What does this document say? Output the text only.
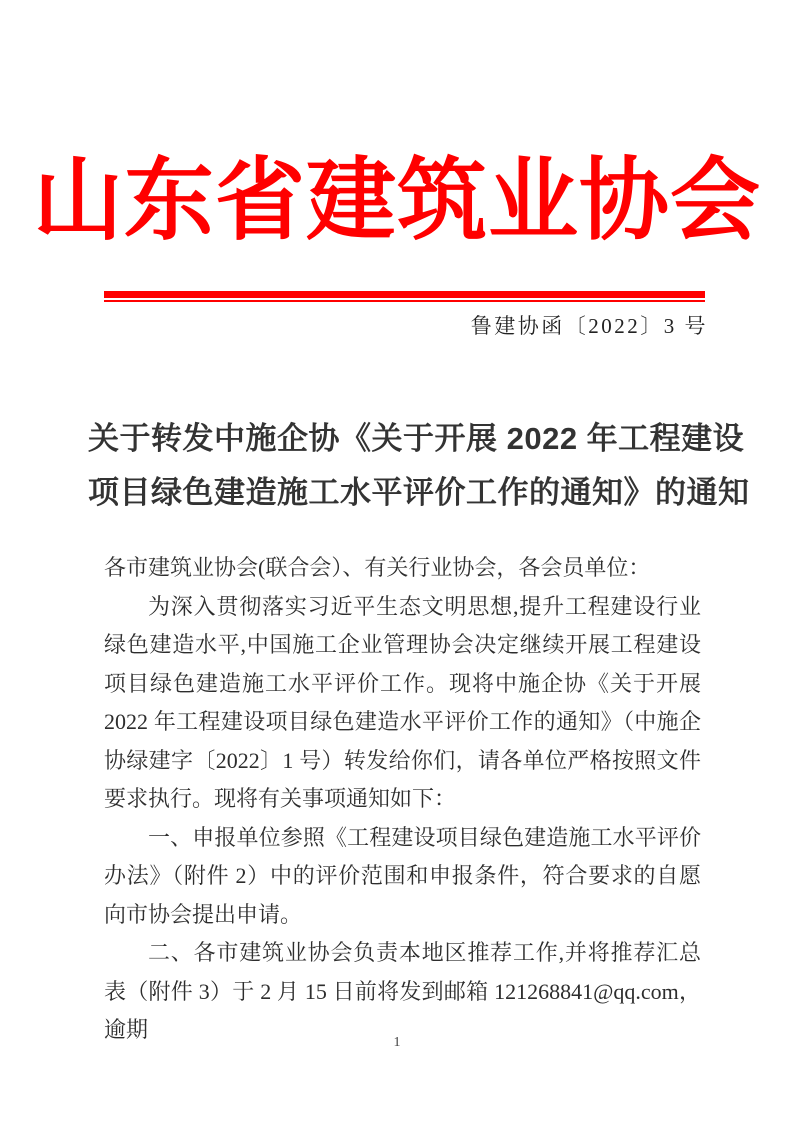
山东省建筑业协会
鲁建协函〔2022〕3 号
关于转发中施企协《关于开展 2022 年工程建设
项目绿色建造施工水平评价工作的通知》的通知

各市建筑业协会(联合会）、有关行业协会，各会员单位：

为深入贯彻落实习近平生态文明思想,提升工程建设行业绿色建造水平,中国施工企业管理协会决定继续开展工程建设项目绿色建造施工水平评价工作。现将中施企协《关于开展 2022 年工程建设项目绿色建造水平评价工作的通知》（中施企协绿建字〔2022〕1 号）转发给你们，请各单位严格按照文件要求执行。现将有关事项通知如下：

一、申报单位参照《工程建设项目绿色建造施工水平评价办法》（附件 2）中的评价范围和申报条件，符合要求的自愿向市协会提出申请。

二、各市建筑业协会负责本地区推荐工作,并将推荐汇总表（附件 3）于 2 月 15 日前将发到邮箱 121268841@qq.com，逾期

1
